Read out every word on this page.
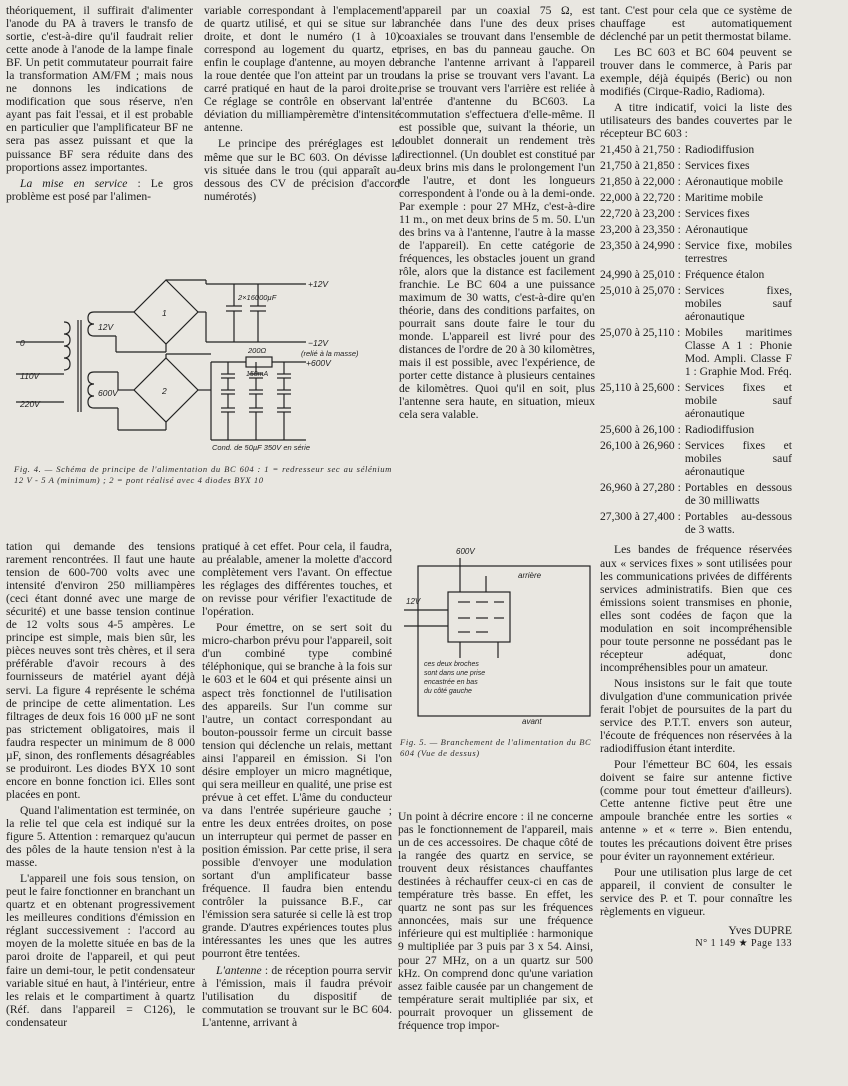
théoriquement, il suffirait d'alimenter l'anode du PA à travers le transfo de sortie, c'est-à-dire qu'il faudrait relier cette anode à l'anode de la lampe finale BF. Un petit commutateur pourrait faire la transformation AM/FM ; mais nous ne donnons les indications de modification que sous réserve, n'en ayant pas fait l'essai, et il est probable en particulier que l'amplificateur BF ne sera pas assez puissant et que la puissance BF sera réduite dans des proportions assez importantes.

La mise en service : Le gros problème est posé par l'alimen-

variable correspondant à l'emplacement de quartz utilisé, et qui se situe sur la droite, et dont le numéro (1 à 10) correspond au logement du quartz, et enfin le couplage d'antenne, au moyen de la roue dentée que l'on atteint par un trou carré pratiqué en haut de la paroi droite. Ce réglage se contrôle en observant la déviation du milliampèremètre d'intensité antenne.

Le principe des préréglages est le même que sur le BC 603. On dévisse la vis située dans le trou (qui apparaît au-dessous des CV de précision d'accord numérotés)

+12V
−12V
(relié à la masse)
2×16000µF
12V
600V
110V
220V
0
1
2
200Ω
150mA
+600V
Cond. de 50µF 350V en série
Fig. 4. — Schéma de principe de l'alimentation du BC 604 : 1 = redresseur sec au sélénium 12 V - 5 A (minimum) ; 2 = pont réalisé avec 4 diodes BYX 10

l'appareil par un coaxial 75 Ω, est branchée dans l'une des deux prises coaxiales se trouvant dans l'ensemble de prises, en bas du panneau gauche. On branche l'antenne arrivant à l'appareil dans la prise se trouvant vers l'avant. La prise se trouvant vers l'arrière est reliée à l'entrée d'antenne du BC603. La commutation s'effectuera d'elle-même. Il est possible que, suivant la théorie, un doublet donnerait un rendement très directionnel. (Un doublet est constitué par deux brins mis dans le prolongement l'un de l'autre, et dont les longueurs correspondent à l'onde ou à la demi-onde. Par exemple : pour 27 MHz, c'est-à-dire 11 m., on met deux brins de 5 m. 50. L'un des brins va à l'antenne, l'autre à la masse de l'appareil). En cette catégorie de fréquences, les obstacles jouent un grand rôle, alors que la distance est facilement franchie. Le BC 604 a une puissance maximum de 30 watts, c'est-à-dire qu'en théorie, dans des conditions parfaites, on pourrait sans doute faire le tour du monde. L'appareil est livré pour des distances de l'ordre de 20 à 30 kilomètres, mais il est possible, avec l'expérience, de porter cette distance à plusieurs centaines de kilomètres. Quoi qu'il en soit, plus l'antenne sera haute, en situation, mieux cela sera valable.

tant. C'est pour cela que ce système de chauffage est automatiquement déclenché par un petit thermostat bilame.

Les BC 603 et BC 604 peuvent se trouver dans le commerce, à Paris par exemple, déjà équipés (Beric) ou non modifiés (Cirque-Radio, Radioma).

A titre indicatif, voici la liste des utilisateurs des bandes couvertes par le récepteur BC 603 :

21,450 à 21,750 :	Radiodiffusion
21,750 à 21,850 :	Services fixes
21,850 à 22,000 :	Aéronautique mobile
22,000 à 22,720 :	Maritime mobile
22,720 à 23,200 :	Services fixes
23,200 à 23,350 :	Aéronautique
23,350 à 24,990 :	Service fixe, mobiles terrestres
24,990 à 25,010 :	Fréquence étalon
25,010 à 25,070 :	Services fixes, mobiles sauf aéronautique
25,070 à 25,110 :	Mobiles maritimes Classe A 1 : Phonie Mod. Ampli. Classe F 1 : Graphie Mod. Fréq.
25,110 à 25,600 :	Services fixes et mobile sauf aéronautique
25,600 à 26,100 :	Radiodiffusion
26,100 à 26,960 :	Services fixes et mobiles sauf aéronautique
26,960 à 27,280 :	Portables en dessous de 30 milliwatts
27,300 à 27,400 :	Portables au-dessous de 3 watts.

Les bandes de fréquence réservées aux « services fixes » sont utilisées pour les communications privées de différents services administratifs. Bien que ces émissions soient transmises en phonie, elles sont codées de façon que la modulation en soit incompréhensible pour toute personne ne possédant pas le récepteur adéquat, donc incompréhensibles pour un amateur.

Nous insistons sur le fait que toute divulgation d'une communication privée ferait l'objet de poursuites de la part du service des P.T.T. envers son auteur, l'écoute de fréquences non réservées à la radiodiffusion étant interdite.

Pour l'émetteur BC 604, les essais doivent se faire sur antenne fictive (comme pour tout émetteur d'ailleurs). Cette antenne fictive peut être une ampoule branchée entre les sorties « antenne » et « terre ». Bien entendu, toutes les précautions doivent être prises pour éviter un rayonnement extérieur.

Pour une utilisation plus large de cet appareil, il convient de consulter le service des P. et T. pour connaître les règlements en vigueur.

Yves DUPRE
N° 1 149 ★ Page 133

tation qui demande des tensions rarement rencontrées. Il faut une haute tension de 600-700 volts avec une intensité d'environ 250 milliampères (ceci étant donné avec une marge de sécurité) et une basse tension continue de 12 volts sous 4-5 ampères. Le principe est simple, mais bien sûr, les pièces neuves sont très chères, et il sera préférable d'avoir recours à des fournisseurs de matériel ayant déjà servi. La figure 4 représente le schéma de principe de cette alimentation. Les filtrages de deux fois 16 000 µF ne sont pas strictement obligatoires, mais il faudra respecter un minimum de 8 000 µF, sinon, des ronflements désagréables se produiront. Les diodes BYX 10 sont encore en bonne fonction ici. Elles sont placées en pont.

Quand l'alimentation est terminée, on la relie tel que cela est indiqué sur la figure 5. Attention : remarquez qu'aucun des pôles de la haute tension n'est à la masse.

L'appareil une fois sous tension, on peut le faire fonctionner en branchant un quartz et en obtenant progressivement les meilleures conditions d'émission en réglant successivement : l'accord au moyen de la molette située en bas de la paroi droite de l'appareil, et qui peut faire un demi-tour, le petit condensateur variable situé en haut, à l'intérieur, entre les relais et le compartiment à quartz (Réf. dans l'appareil = C126), le condensateur

pratiqué à cet effet. Pour cela, il faudra, au préalable, amener la molette d'accord complètement vers l'avant. On effectue les réglages des différentes touches, et on revisse pour vérifier l'exactitude de l'opération.

Pour émettre, on se sert soit du micro-charbon prévu pour l'appareil, soit d'un combiné type combiné téléphonique, qui se branche à la fois sur le 603 et le 604 et qui présente ainsi un aspect très fonctionnel de l'utilisation des appareils. Sur l'un comme sur l'autre, un contact correspondant au bouton-poussoir ferme un circuit basse tension qui déclenche un relais, mettant ainsi l'appareil en émission. Si l'on désire employer un micro magnétique, qui sera meilleur en qualité, une prise est prévue à cet effet. L'âme du conducteur va dans l'entrée supérieure gauche ; entre les deux entrées droites, on pose un interrupteur qui permet de passer en position émission. Par cette prise, il sera possible d'envoyer une modulation sortant d'un amplificateur basse fréquence. Il faudra bien entendu contrôler la puissance B.F., car l'émission sera saturée si celle là est trop grande. D'autres expériences toutes plus intéressantes les unes que les autres pourront être tentées.

L'antenne : de réception pourra servir à l'émission, mais il faudra prévoir l'utilisation du dispositif de commutation se trouvant sur le BC 604. L'antenne, arrivant à

600V
arrière
12V
avant
ces deux broches
sont dans une prise
encastrée en bas
du côté gauche
Fig. 5. — Branchement de l'alimentation du BC 604 (Vue de dessus)

Un point à décrire encore : il ne concerne pas le fonctionnement de l'appareil, mais un de ces accessoires. De chaque côté de la rangée des quartz en service, se trouvent deux résistances chauffantes destinées à réchauffer ceux-ci en cas de température très basse. En effet, les quartz ne sont pas sur les fréquences annoncées, mais sur une fréquence inférieure qui est multipliée : harmonique 9 multipliée par 3 puis par 3 x 54. Ainsi, pour 27 MHz, on a un quartz sur 500 kHz. On comprend donc qu'une variation assez faible causée par un changement de température serait multipliée par six, et pourrait provoquer un glissement de fréquence trop impor-
